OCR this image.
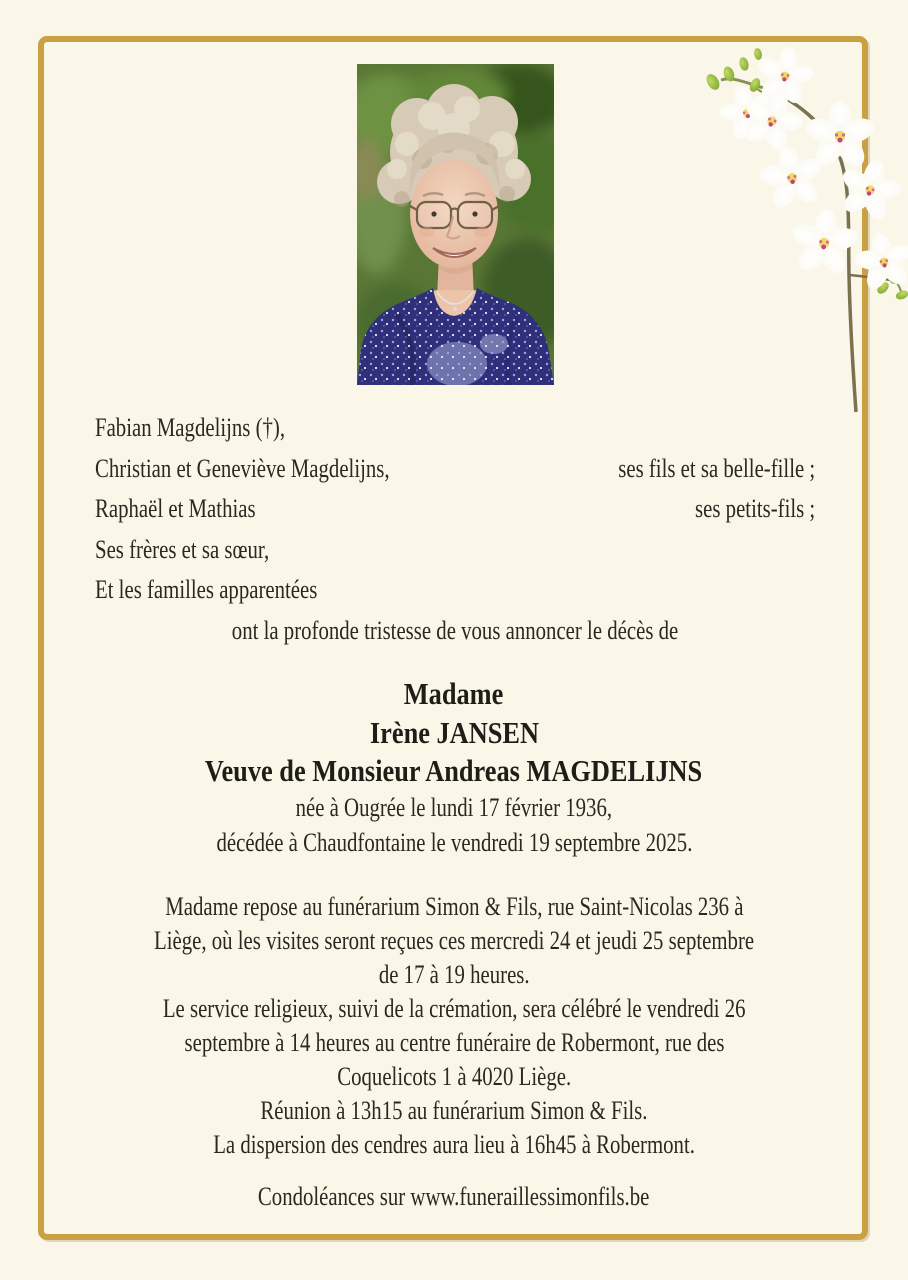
Fabian Magdelijns (†),
Christian et Geneviève Magdelijns,	ses fils et sa belle-fille ;
Raphaël et Mathias	ses petits-fils ;
Ses frères et sa sœur,
Et les familles apparentées
ont la profonde tristesse de vous annoncer le décès de
Madame
Irène JANSEN
Veuve de Monsieur Andreas MAGDELIJNS
née à Ougrée le lundi 17 février 1936,
décédée à Chaudfontaine le vendredi 19 septembre 2025.
Madame repose au funérarium Simon & Fils, rue Saint-Nicolas 236 à
Liège, où les visites seront reçues ces mercredi 24 et jeudi 25 septembre
de 17 à 19 heures.
Le service religieux, suivi de la crémation, sera célébré le vendredi 26
septembre à 14 heures au centre funéraire de Robermont, rue des
Coquelicots 1 à 4020 Liège.
Réunion à 13h15 au funérarium Simon & Fils.
La dispersion des cendres aura lieu à 16h45 à Robermont.
Condoléances sur www.funeraillessimonfils.be
